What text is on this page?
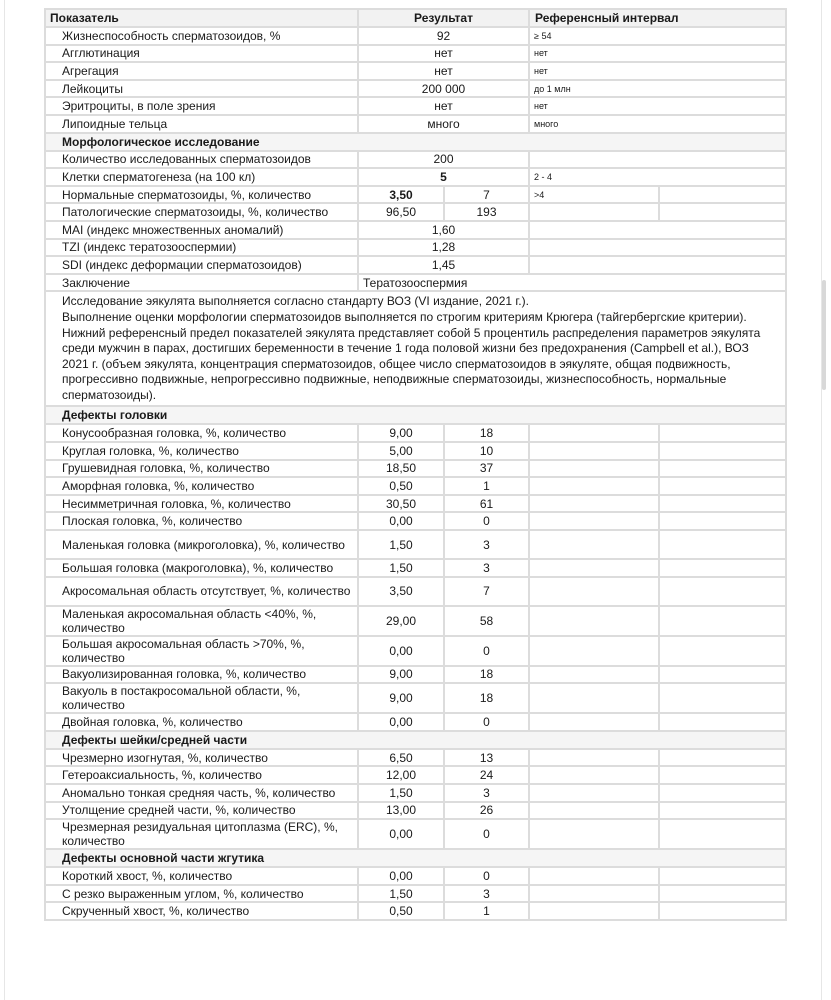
Показатель	Результат		Референсный интервал	
Жизнеспособность сперматозоидов, %	92		≥ 54	
Агглютинация	нет		нет	
Агрегация	нет		нет	
Лейкоциты	200 000		до 1 млн	
Эритроциты, в поле зрения	нет		нет	
Липоидные тельца	много		много	
Морфологическое исследование				
Количество исследованных сперматозоидов	200			
Клетки сперматогенеза (на 100 кл)	5		2 - 4	
Нормальные сперматозоиды, %, количество	3,50	7	>4	
Патологические сперматозоиды, %, количество	96,50	193		
MAI (индекс множественных аномалий)	1,60			
TZI (индекс тератозооспермии)	1,28			
SDI (индекс деформации сперматозоидов)	1,45			
Заключение	Тератозооспермия			

Исследование эякулята выполняется согласно стандарту ВОЗ (VI издание, 2021 г.).
Выполнение оценки морфологии сперматозоидов выполняется по строгим критериям Крюгера (тайгербергские критерии).
Нижний референсный предел показателей эякулята представляет собой 5 процентиль распределения параметров эякулята среди мужчин в парах, достигших беременности в течение 1 года половой жизни без предохранения (Campbell et al.), ВОЗ 2021 г. (объем эякулята, концентрация сперматозоидов, общее число сперматозоидов в эякуляте, общая подвижность, прогрессивно подвижные, непрогрессивно подвижные, неподвижные сперматозоиды, жизнеспособность, нормальные сперматозоиды).				

Дефекты головки				
Конусообразная головка, %, количество	9,00	18		
Круглая головка, %, количество	5,00	10		
Грушевидная головка, %, количество	18,50	37		
Аморфная головка, %, количество	0,50	1		
Несимметричная головка, %, количество	30,50	61		
Плоская головка, %, количество	0,00	0		
Маленькая головка (микроголовка), %, количество	1,50	3		
Большая головка (макроголовка), %, количество	1,50	3		
Акросомальная область отсутствует, %, количество	3,50	7		
Маленькая акросомальная область <40%, %, количество	29,00	58		
Большая акросомальная область >70%, %, количество	0,00	0		
Вакуолизированная головка, %, количество	9,00	18		
Вакуоль в постакросомальной области, %, количество	9,00	18		
Двойная головка, %, количество	0,00	0		
Дефекты шейки/средней части				
Чрезмерно изогнутая, %, количество	6,50	13		
Гетероаксиальность, %, количество	12,00	24		
Аномально тонкая средняя часть, %, количество	1,50	3		
Утолщение средней части, %, количество	13,00	26		
Чрезмерная резидуальная цитоплазма (ERC), %, количество	0,00	0		
Дефекты основной части жгутика				
Короткий хвост, %, количество	0,00	0		
С резко выраженным углом, %, количество	1,50	3		
Скрученный хвост, %, количество	0,50	1		
